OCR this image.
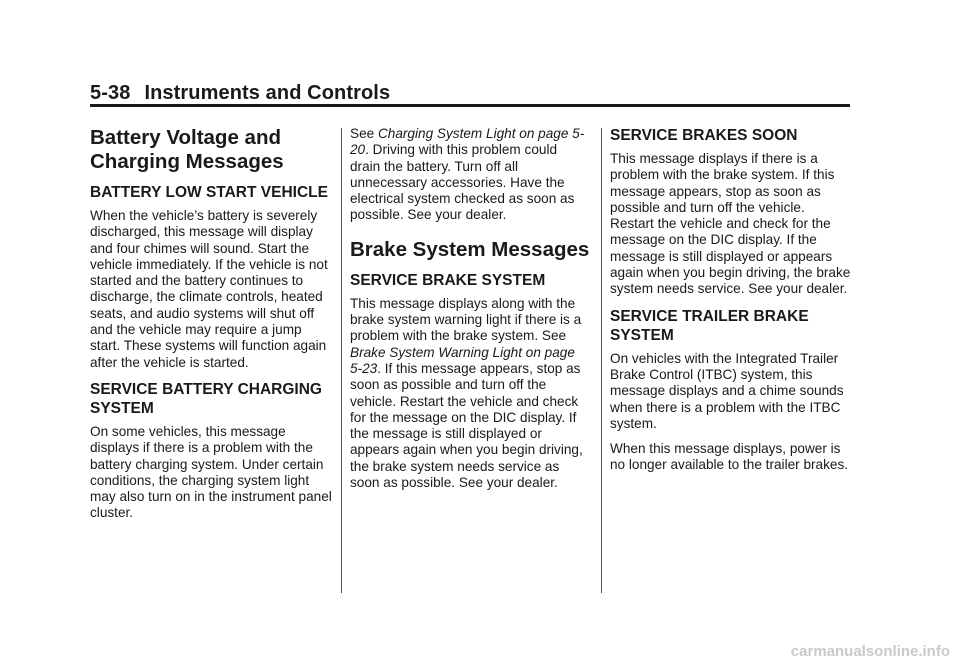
5-38 Instruments and Controls
Battery Voltage and Charging Messages
BATTERY LOW START VEHICLE

When the vehicle’s battery is severely discharged, this message will display and four chimes will sound. Start the vehicle immediately. If the vehicle is not started and the battery continues to discharge, the climate controls, heated seats, and audio systems will shut off and the vehicle may require a jump start. These systems will function again after the vehicle is started.

SERVICE BATTERY CHARGING SYSTEM

On some vehicles, this message displays if there is a problem with the battery charging system. Under certain conditions, the charging system light may also turn on in the instrument panel cluster.

See Charging System Light on page 5-20. Driving with this problem could drain the battery. Turn off all unnecessary accessories. Have the electrical system checked as soon as possible. See your dealer.

Brake System Messages
SERVICE BRAKE SYSTEM

This message displays along with the brake system warning light if there is a problem with the brake system. See Brake System Warning Light on page 5-23. If this message appears, stop as soon as possible and turn off the vehicle. Restart the vehicle and check for the message on the DIC display. If the message is still displayed or appears again when you begin driving, the brake system needs service as soon as possible. See your dealer.

SERVICE BRAKES SOON

This message displays if there is a problem with the brake system. If this message appears, stop as soon as possible and turn off the vehicle. Restart the vehicle and check for the message on the DIC display. If the message is still displayed or appears again when you begin driving, the brake system needs service. See your dealer.

SERVICE TRAILER BRAKE SYSTEM

On vehicles with the Integrated Trailer Brake Control (ITBC) system, this message displays and a chime sounds when there is a problem with the ITBC system.

When this message displays, power is no longer available to the trailer brakes.

carmanualsonline.info
